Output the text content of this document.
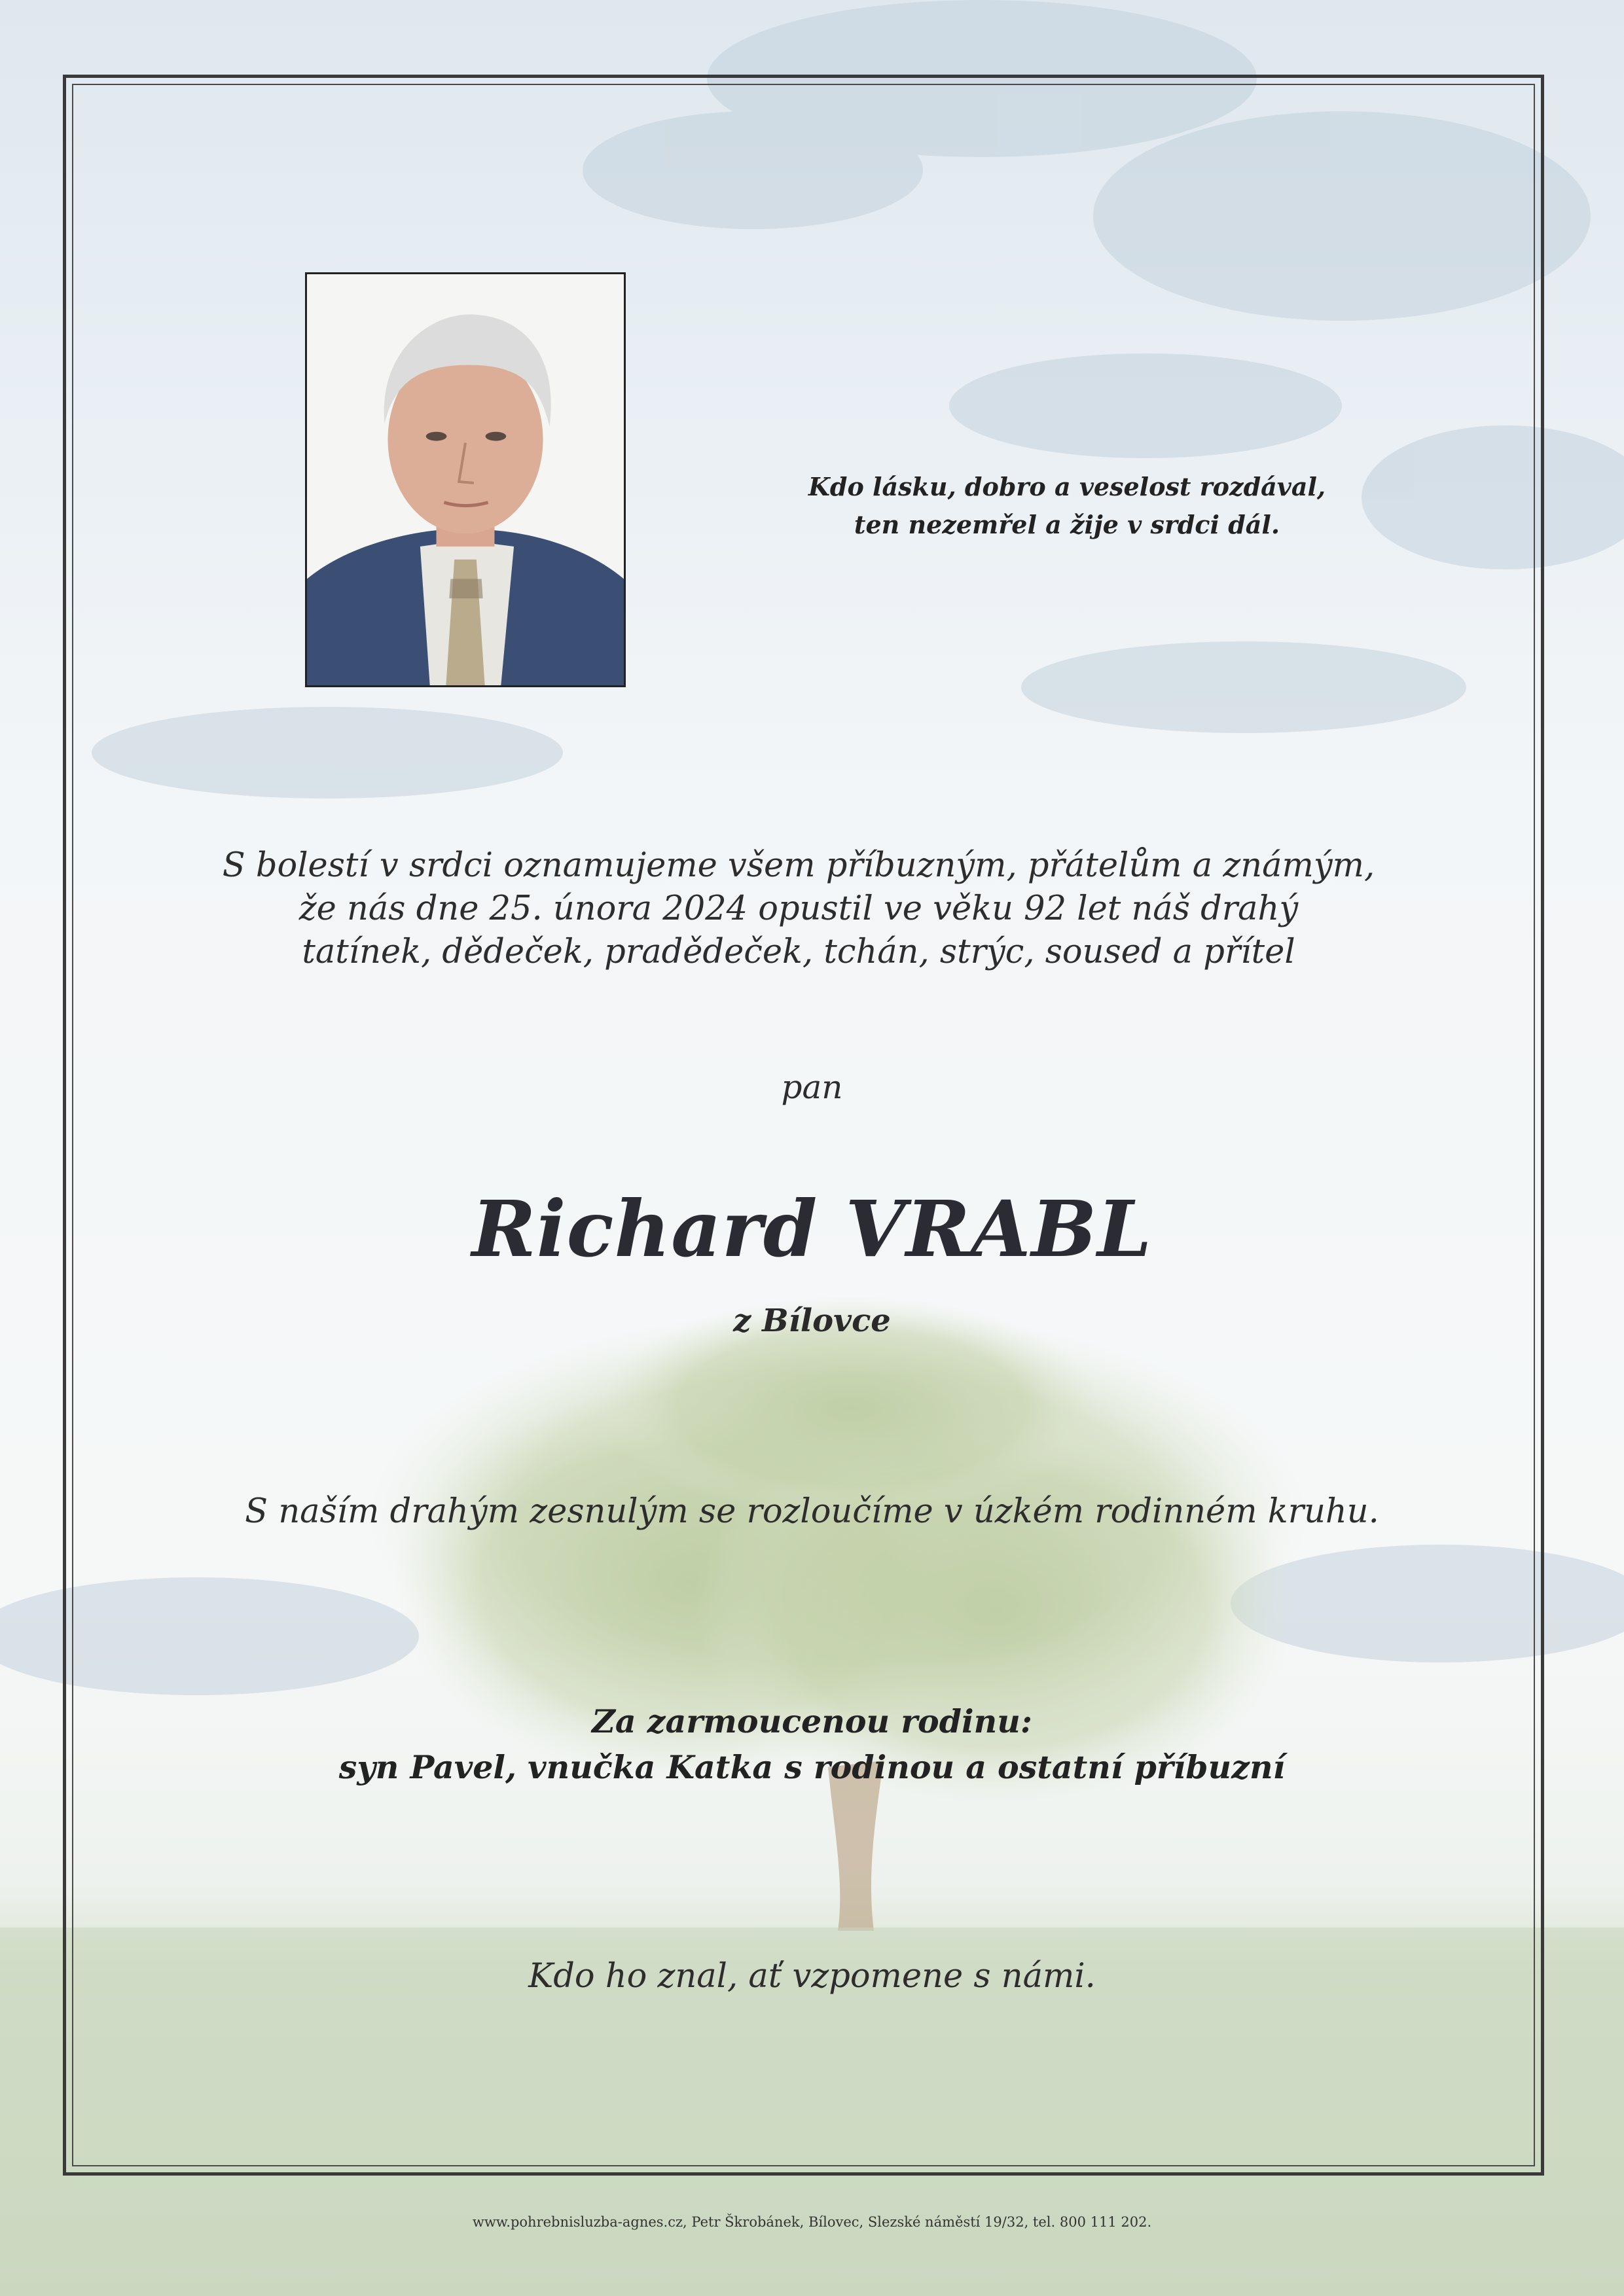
Kdo lásku, dobro a veselost rozdával,
ten nezemřel a žije v srdci dál.
S bolestí v srdci oznamujeme všem příbuzným, přátelům a známým,
že nás dne 25. února 2024 opustil ve věku 92 let náš drahý
tatínek, dědeček, pradědeček, tchán, strýc, soused a přítel
pan
Richard VRABL
z Bílovce
S naším drahým zesnulým se rozloučíme v úzkém rodinném kruhu.
Za zarmoucenou rodinu:
syn Pavel, vnučka Katka s rodinou a ostatní příbuzní
Kdo ho znal, ať vzpomene s námi.
www.pohrebnisluzba-agnes.cz, Petr Škrobánek, Bílovec, Slezské náměstí 19/32, tel. 800 111 202.
